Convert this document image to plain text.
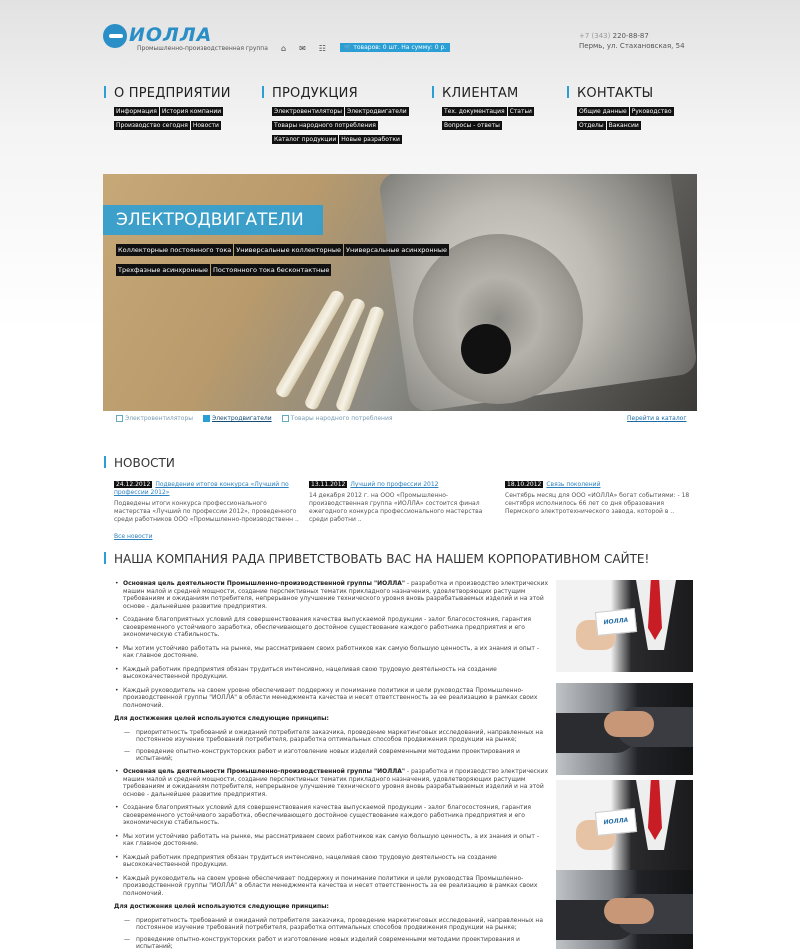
ИОЛЛА
Промышленно-производственная группа ⌂ ✉ ☷	🛒 товаров: 0 шт. На сумму: 0 р.
+7 (343) 220-88-87
Пермь, ул. Стахановская, 54
О ПРЕДПРИЯТИИ
Информация История компании
Производство сегодня Новости
ПРОДУКЦИЯ
Электровентиляторы Электродвигатели
Товары народного потребления
Каталог продукции Новые разработки
КЛИЕНТАМ
Тех. документация Статьи
Вопросы - ответы
КОНТАКТЫ
Общие данные Руководство
Отделы Вакансии
ЭЛЕКТРОДВИГАТЕЛИ
Коллекторные постоянного тока Универсальные коллекторные Универсальные асинхронные
Трехфазные асинхронные Постоянного тока бесконтактные
Электровентиляторы	Электродвигатели	Товары народного потребления	Перейти в каталог
НОВОСТИ
24.12.2012 Подведение итогов конкурса «Лучший по профессии 2012»
Подведены итоги конкурса профессионального мастерства «Лучший по профессии 2012», проведенного среди работников ООО «Промышленно-производственн ..
13.11.2012 Лучший по профессии 2012
14 декабря 2012 г. на ООО «Промышленно-производственная группа «ИОЛЛА» состоится финал ежегодного конкурса профессионального мастерства среди работни ..
18.10.2012 Связь поколений
Сентябрь месяц для ООО «ИОЛЛА» богат событиями: - 18 сентября исполнилось 66 лет со дня образования Пермского электротехнического завода, которой в ..
Все новости
НАША КОМПАНИЯ РАДА ПРИВЕТСТВОВАТЬ ВАС НА НАШЕМ КОРПОРАТИВНОМ САЙТЕ!
• Основная цель деятельности Промышленно-производственной группы "ИОЛЛА" - разработка и производство электрических машин малой и средней мощности, создание перспективных тематик прикладного назначения, удовлетворяющих растущим требованиям и ожиданиям потребителя, непрерывное улучшение технического уровня вновь разрабатываемых изделий и на этой основе - дальнейшее развитие предприятия.
• Создание благоприятных условий для совершенствования качества выпускаемой продукции - залог благосостояния, гарантия своевременного устойчивого заработка, обеспечивающего достойное существование каждого работника предприятия и его экономическую стабильность.
• Мы хотим устойчиво работать на рынке, мы рассматриваем своих работников как самую большую ценность, а их знания и опыт - как главное достояние.
• Каждый работник предприятия обязан трудиться интенсивно, нацеливая свою трудовую деятельность на создание высококачественной продукции.
• Каждый руководитель на своем уровне обеспечивает поддержку и понимание политики и цели руководства Промышленно-производственной группы "ИОЛЛА" в области менеджмента качества и несет ответственность за ее реализацию в рамках своих полномочий.
Для достижения целей используются следующие принципы:
— приоритетность требований и ожиданий потребителя заказчика, проведение маркетинговых исследований, направленных на постоянное изучение требований потребителя, разработка оптимальных способов продвижения продукции на рынке;
— проведение опытно-конструкторских работ и изготовление новых изделий современными методами проектирования и испытаний;
• Основная цель деятельности Промышленно-производственной группы "ИОЛЛА" - разработка и производство электрических машин малой и средней мощности, создание перспективных тематик прикладного назначения, удовлетворяющих растущим требованиям и ожиданиям потребителя, непрерывное улучшение технического уровня вновь разрабатываемых изделий и на этой основе - дальнейшее развитие предприятия.
• Создание благоприятных условий для совершенствования качества выпускаемой продукции - залог благосостояния, гарантия своевременного устойчивого заработка, обеспечивающего достойное существование каждого работника предприятия и его экономическую стабильность.
• Мы хотим устойчиво работать на рынке, мы рассматриваем своих работников как самую большую ценность, а их знания и опыт - как главное достояние.
• Каждый работник предприятия обязан трудиться интенсивно, нацеливая свою трудовую деятельность на создание высококачественной продукции.
• Каждый руководитель на своем уровне обеспечивает поддержку и понимание политики и цели руководства Промышленно-производственной группы "ИОЛЛА" в области менеджмента качества и несет ответственность за ее реализацию в рамках своих полномочий.
Для достижения целей используются следующие принципы:
— приоритетность требований и ожиданий потребителя заказчика, проведение маркетинговых исследований, направленных на постоянное изучение требований потребителя, разработка оптимальных способов продвижения продукции на рынке;
— проведение опытно-конструкторских работ и изготовление новых изделий современными методами проектирования и испытаний;
ИОЛЛА
ИОЛЛА
